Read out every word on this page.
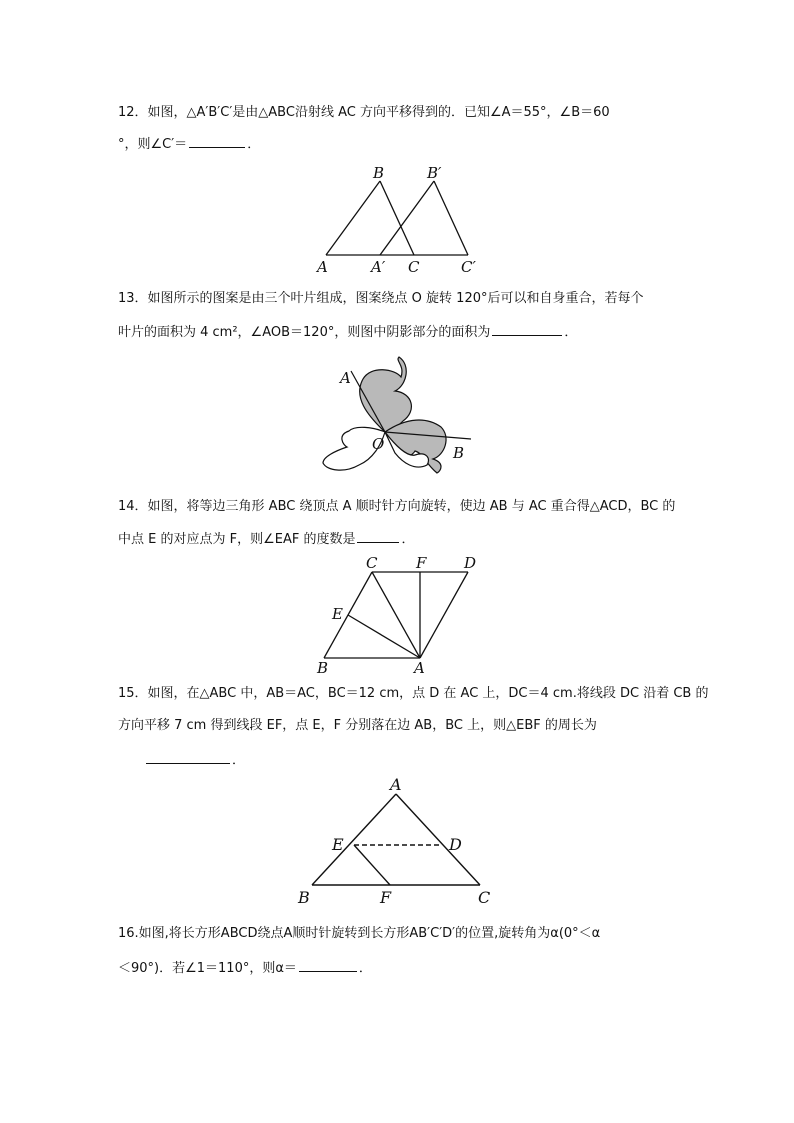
12．如图，△A′B′C′是由△ABC沿射线 AC 方向平移得到的．已知∠A＝55°，∠B＝60
°，则∠C′＝	．
B	B′
A	A′ C	C′
13．如图所示的图案是由三个叶片组成，图案绕点 O 旋转 120°后可以和自身重合，若每个
叶片的面积为 4 cm²，∠AOB＝120°，则图中阴影部分的面积为	．
A
O	B
14．如图，将等边三角形 ABC 绕顶点 A 顺时针方向旋转，使边 AB 与 AC 重合得△ACD，BC 的
中点 E 的对应点为 F，则∠EAF 的度数是	．
C	F	D
E
B	A
15．如图，在△ABC 中，AB＝AC，BC＝12 cm，点 D 在 AC 上，DC＝4 cm.将线段 DC 沿着 CB 的
方向平移 7 cm 得到线段 EF，点 E，F 分别落在边 AB，BC 上，则△EBF 的周长为
．
A
E	D
B	F	C
16.如图,将长方形ABCD绕点A顺时针旋转到长方形AB′C′D′的位置,旋转角为α(0°＜α
＜90°)．若∠1＝110°，则α＝	．
